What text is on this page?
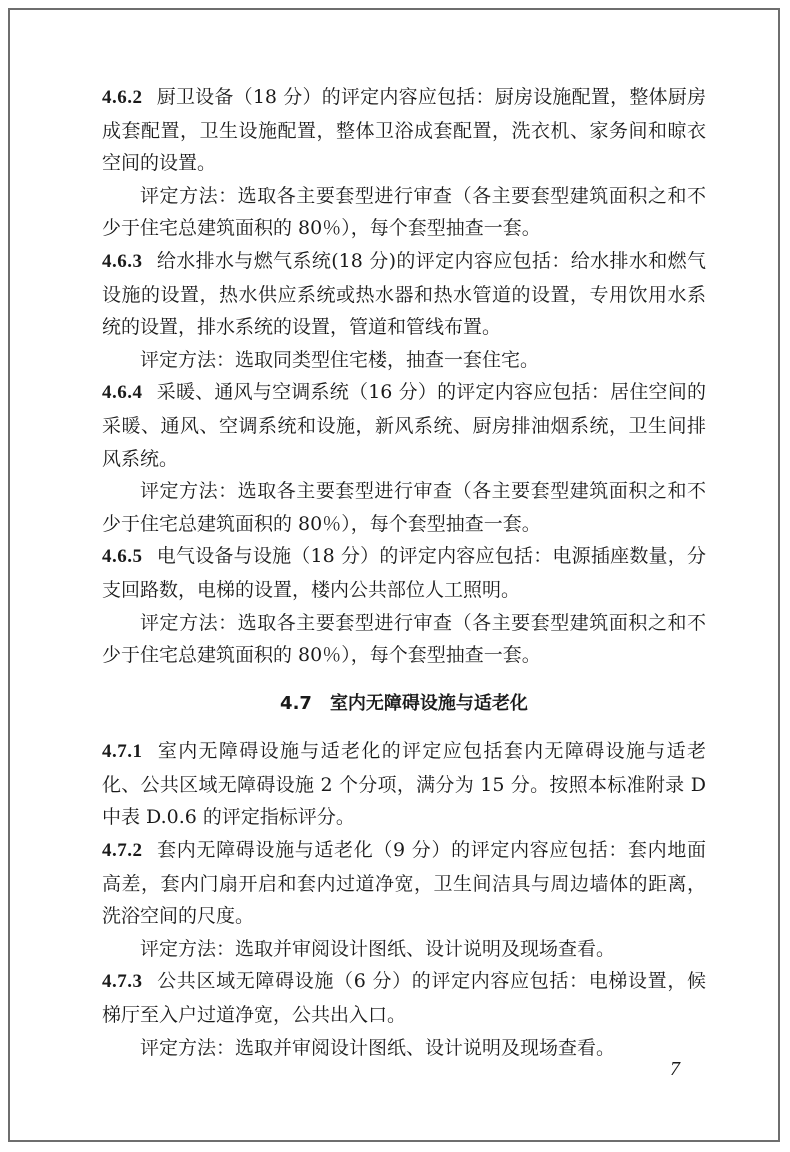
4.6.2 厨卫设备（18 分）的评定内容应包括：厨房设施配置，整体厨房成套配置，卫生设施配置，整体卫浴成套配置，洗衣机、家务间和晾衣空间的设置。

评定方法：选取各主要套型进行审查（各主要套型建筑面积之和不少于住宅总建筑面积的 80％），每个套型抽查一套。

4.6.3 给水排水与燃气系统(18 分)的评定内容应包括：给水排水和燃气设施的设置，热水供应系统或热水器和热水管道的设置，专用饮用水系统的设置，排水系统的设置，管道和管线布置。

评定方法：选取同类型住宅楼，抽查一套住宅。

4.6.4 采暖、通风与空调系统（16 分）的评定内容应包括：居住空间的采暖、通风、空调系统和设施，新风系统、厨房排油烟系统，卫生间排风系统。

评定方法：选取各主要套型进行审查（各主要套型建筑面积之和不少于住宅总建筑面积的 80％），每个套型抽查一套。

4.6.5 电气设备与设施（18 分）的评定内容应包括：电源插座数量，分支回路数，电梯的设置，楼内公共部位人工照明。

评定方法：选取各主要套型进行审查（各主要套型建筑面积之和不少于住宅总建筑面积的 80％），每个套型抽查一套。

4.7 室内无障碍设施与适老化

4.7.1 室内无障碍设施与适老化的评定应包括套内无障碍设施与适老化、公共区域无障碍设施 2 个分项，满分为 15 分。按照本标准附录 D 中表 D.0.6 的评定指标评分。

4.7.2 套内无障碍设施与适老化（9 分）的评定内容应包括：套内地面高差，套内门扇开启和套内过道净宽，卫生间洁具与周边墙体的距离，洗浴空间的尺度。

评定方法：选取并审阅设计图纸、设计说明及现场查看。

4.7.3 公共区域无障碍设施（6 分）的评定内容应包括：电梯设置，候梯厅至入户过道净宽，公共出入口。

评定方法：选取并审阅设计图纸、设计说明及现场查看。

7
